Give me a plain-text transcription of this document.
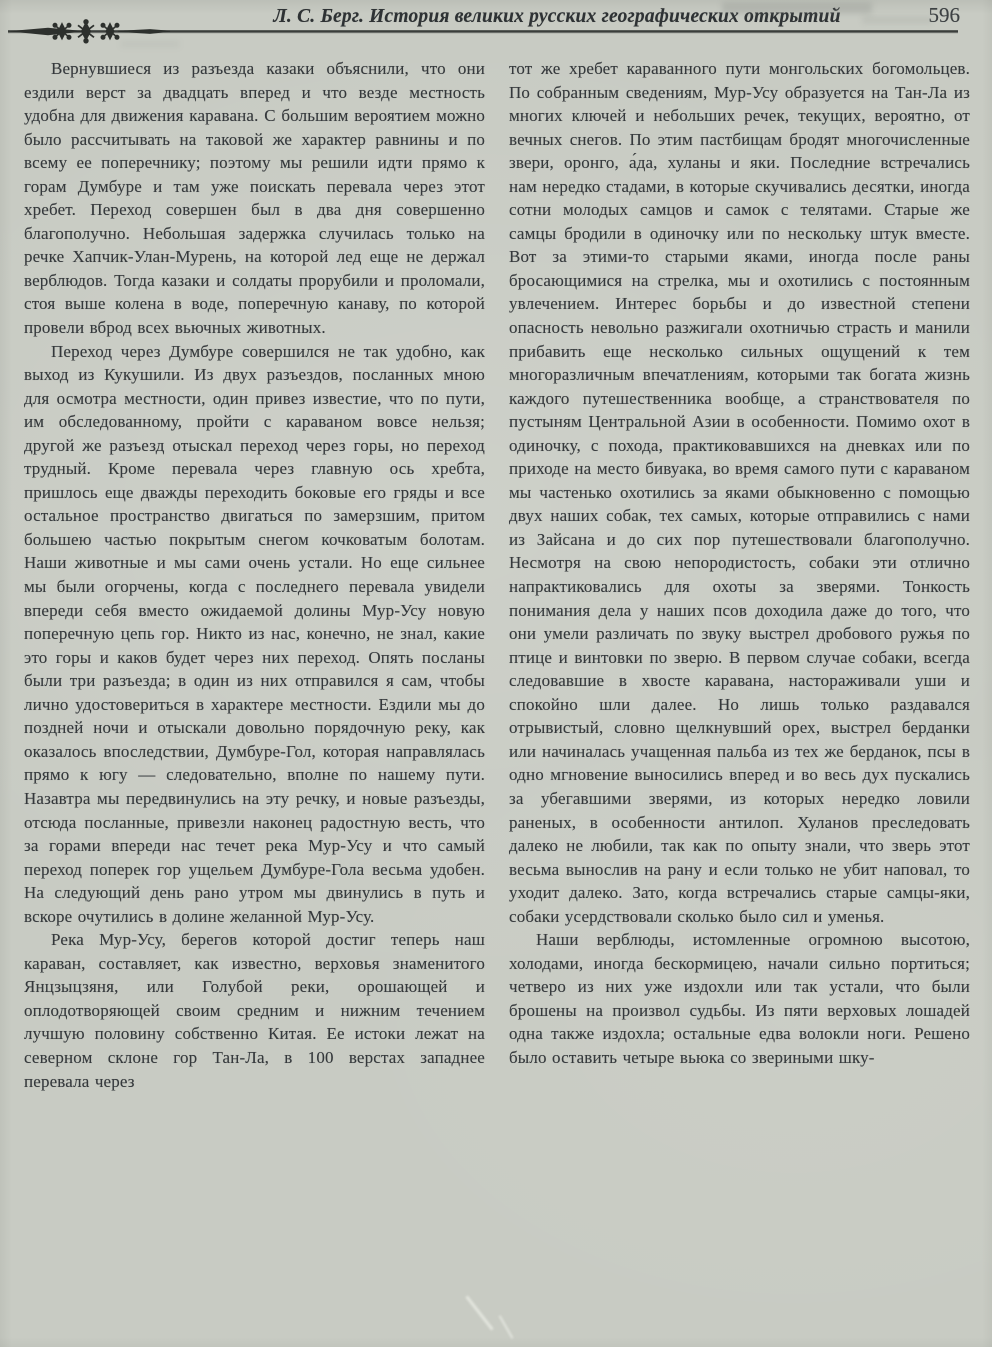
Л. С. Берг. История великих русских географических открытий	596

Вернувшиеся из разъезда казаки объяснили, что они ездили верст за двадцать вперед и что везде местность удобна для движения каравана. С большим вероятием можно было рассчитывать на таковой же характер равнины и по всему ее поперечнику; поэтому мы решили идти прямо к горам Думбуре и там уже поискать перевала через этот хребет. Переход совершен был в два дня совершенно благополучно. Небольшая задержка случилась только на речке Хапчик-Улан-Мурень, на которой лед еще не держал верблюдов. Тогда казаки и солдаты прорубили и проломали, стоя выше колена в воде, поперечную канаву, по которой провели вброд всех вьючных животных.

Переход через Думбуре совершился не так удобно, как выход из Кукушили. Из двух разъездов, посланных мною для осмотра местности, один привез известие, что по пути, им обследованному, пройти с караваном вовсе нельзя; другой же разъезд отыскал переход через горы, но переход трудный. Кроме перевала через главную ось хребта, пришлось еще дважды переходить боковые его гряды и все остальное пространство двигаться по замерзшим, притом большею частью покрытым снегом кочковатым болотам. Наши животные и мы сами очень устали. Но еще сильнее мы были огорчены, когда с последнего перевала увидели впереди себя вместо ожидаемой долины Мур-Усу новую поперечную цепь гор. Никто из нас, конечно, не знал, какие это горы и каков будет через них переход. Опять посланы были три разъезда; в один из них отправился я сам, чтобы лично удостовериться в характере местности. Ездили мы до поздней ночи и отыскали довольно порядочную реку, как оказалось впоследствии, Думбуре-Гол, которая направлялась прямо к югу — следовательно, вполне по нашему пути. Назавтра мы передвинулись на эту речку, и новые разъезды, отсюда посланные, привезли наконец радостную весть, что за горами впереди нас течет река Мур-Усу и что самый переход поперек гор ущельем Думбуре-Гола весьма удобен. На следующий день рано утром мы двинулись в путь и вскоре очутились в долине желанной Мур-Усу.

Река Мур-Усу, берегов которой достиг теперь наш караван, составляет, как известно, верховья знаменитого Янцзыцзяня, или Голубой реки, орошающей и оплодотворяющей своим средним и нижним течением лучшую половину собственно Китая. Ее истоки лежат на северном склоне гор Тан-Ла, в 100 верстах западнее перевала через

тот же хребет караванного пути монгольских богомольцев. По собранным сведениям, Мур-Усу образуется на Тан-Ла из многих ключей и небольших речек, текущих, вероятно, от вечных снегов. По этим пастбищам бродят многочисленные звери, оронго, а́да, хуланы и яки. Последние встречались нам нередко стадами, в которые скучивались десятки, иногда сотни молодых самцов и самок с телятами. Старые же самцы бродили в одиночку или по нескольку штук вместе. Вот за этими-то старыми яками, иногда после раны бросающимися на стрелка, мы и охотились с постоянным увлечением. Интерес борьбы и до известной степени опасность невольно разжигали охотничью страсть и манили прибавить еще несколько сильных ощущений к тем многоразличным впечатлениям, которыми так богата жизнь каждого путешественника вообще, а странствователя по пустыням Центральной Азии в особенности. Помимо охот в одиночку, с похода, практиковавшихся на дневках или по приходе на место бивуака, во время самого пути с караваном мы частенько охотились за яками обыкновенно с помощью двух наших собак, тех самых, которые отправились с нами из Зайсана и до сих пор путешествовали благополучно. Несмотря на свою непородистость, собаки эти отлично напрактиковались для охоты за зверями. Тонкость понимания дела у наших псов доходила даже до того, что они умели различать по звуку выстрел дробового ружья по птице и винтовки по зверю. В первом случае собаки, всегда следовавшие в хвосте каравана, настораживали уши и спокойно шли далее. Но лишь только раздавался отрывистый, словно щелкнувший орех, выстрел берданки или начиналась учащенная пальба из тех же берданок, псы в одно мгновение выносились вперед и во весь дух пускались за убегавшими зверями, из которых нередко ловили раненых, в особенности антилоп. Хуланов преследовать далеко не любили, так как по опыту знали, что зверь этот весьма вынослив на рану и если только не убит наповал, то уходит далеко. Зато, когда встречались старые самцы-яки, собаки усердствовали сколько было сил и уменья.

Наши верблюды, истомленные огромною высотою, холодами, иногда бескормицею, начали сильно портиться; четверо из них уже издохли или так устали, что были брошены на произвол судьбы. Из пяти верховых лошадей одна также издохла; остальные едва волокли ноги. Решено было оставить четыре вьюка со звериными шку-
